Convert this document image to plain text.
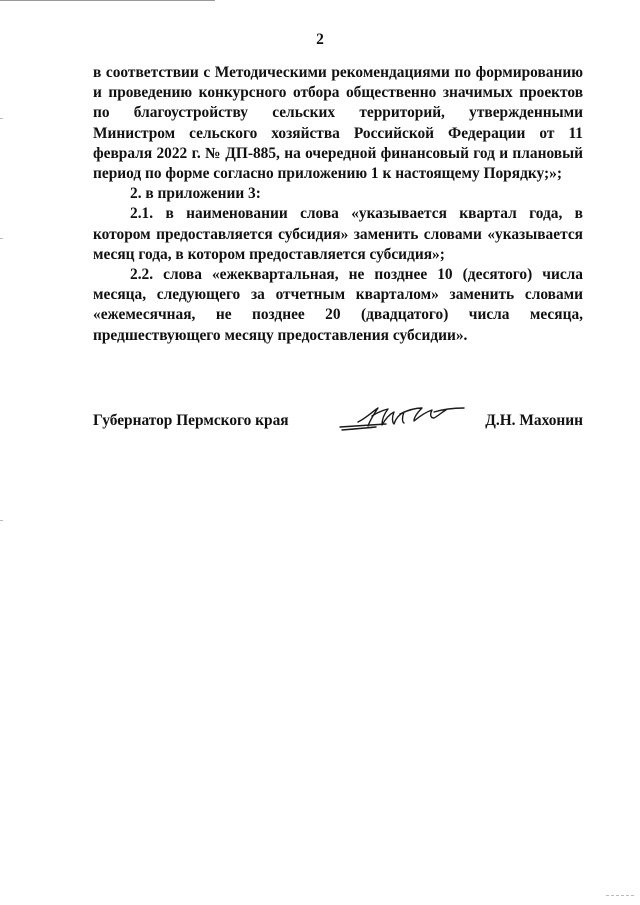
2

в соответствии с Методическими рекомендациями по формированию и проведению конкурсного отбора общественно значимых проектов по благоустройству сельских территорий, утвержденными Министром сельского хозяйства Российской Федерации от 11 февраля 2022 г. № ДП-885, на очередной финансовый год и плановый период по форме согласно приложению 1 к настоящему Порядку;»;

2. в приложении 3:

2.1. в наименовании слова «указывается квартал года, в котором предоставляется субсидия» заменить словами «указывается месяц года, в котором предоставляется субсидия»;

2.2. слова «ежеквартальная, не позднее 10 (десятого) числа месяца, следующего за отчетным кварталом» заменить словами «ежемесячная, не позднее 20 (двадцатого) числа месяца, предшествующего месяцу предоставления субсидии».

Губернатор Пермского края	Д.Н. Махонин
